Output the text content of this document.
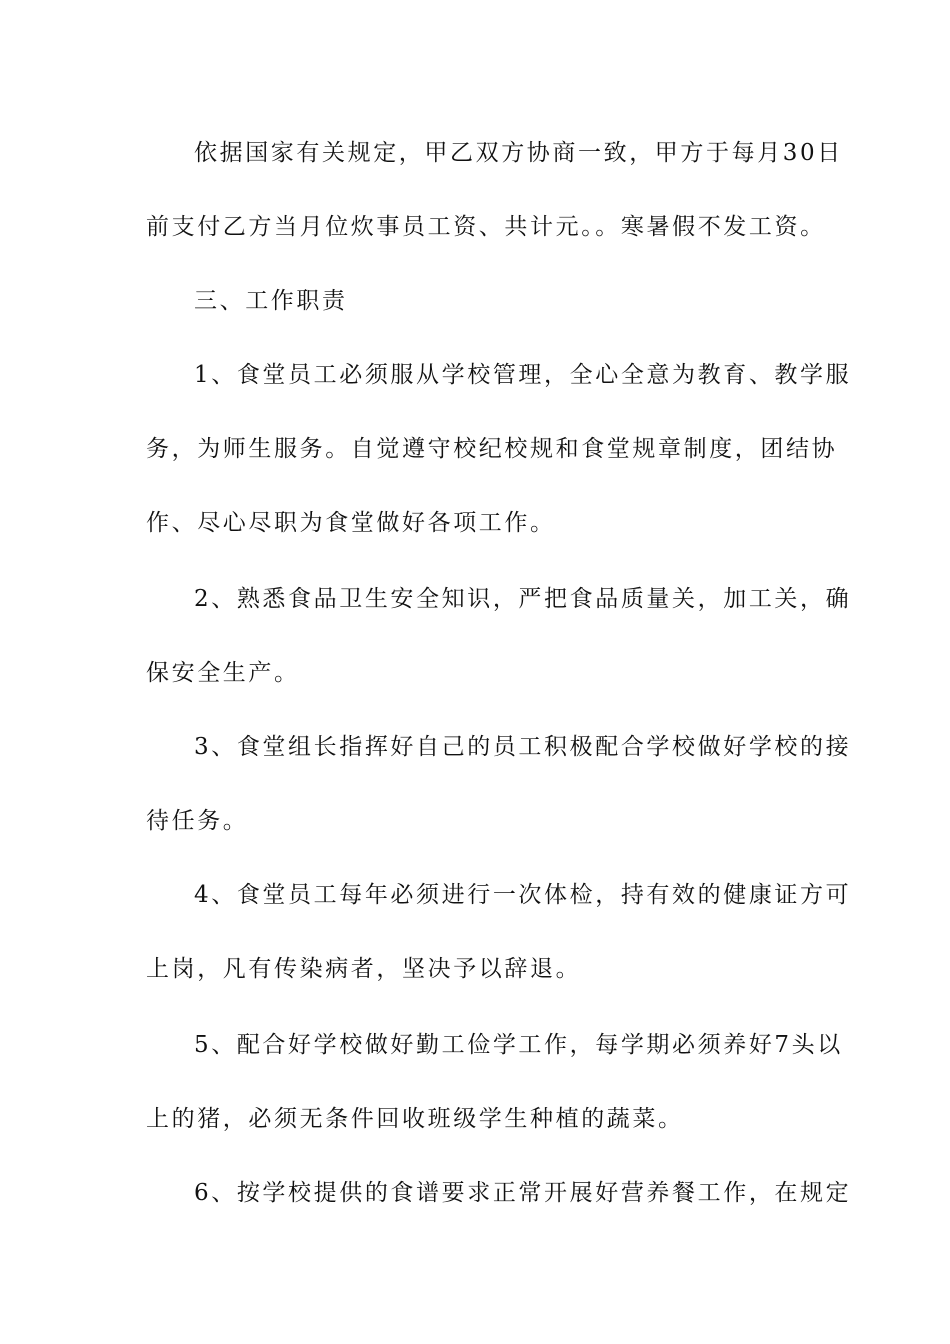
依据国家有关规定，甲乙双方协商一致，甲方于每月30日
前支付乙方当月位炊事员工资、共计元。。寒暑假不发工资。
三、工作职责
1、食堂员工必须服从学校管理，全心全意为教育、教学服
务，为师生服务。自觉遵守校纪校规和食堂规章制度，团结协
作、尽心尽职为食堂做好各项工作。
2、熟悉食品卫生安全知识，严把食品质量关，加工关，确
保安全生产。
3、食堂组长指挥好自己的员工积极配合学校做好学校的接
待任务。
4、食堂员工每年必须进行一次体检，持有效的健康证方可
上岗，凡有传染病者，坚决予以辞退。
5、配合好学校做好勤工俭学工作，每学期必须养好7头以
上的猪，必须无条件回收班级学生种植的蔬菜。
6、按学校提供的食谱要求正常开展好营养餐工作，在规定
